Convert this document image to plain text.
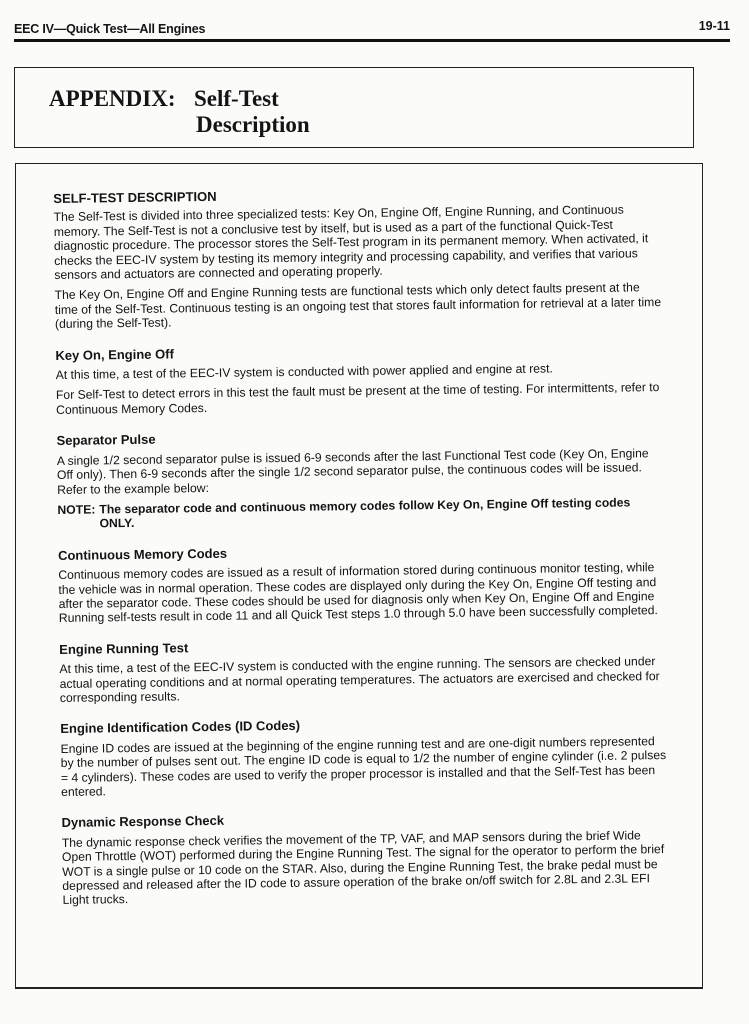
EEC IV—Quick Test—All Engines	19-11
APPENDIX: Self-Test
Description
SELF-TEST DESCRIPTION

The Self-Test is divided into three specialized tests: Key On, Engine Off, Engine Running, and Continuous memory. The Self-Test is not a conclusive test by itself, but is used as a part of the functional Quick-Test diagnostic procedure. The processor stores the Self-Test program in its permanent memory. When activated, it checks the EEC-IV system by testing its memory integrity and processing capability, and verifies that various sensors and actuators are connected and operating properly.

The Key On, Engine Off and Engine Running tests are functional tests which only detect faults present at the time of the Self-Test. Continuous testing is an ongoing test that stores fault information for retrieval at a later time (during the Self-Test).

Key On, Engine Off

At this time, a test of the EEC-IV system is conducted with power applied and engine at rest.

For Self-Test to detect errors in this test the fault must be present at the time of testing. For intermittents, refer to Continuous Memory Codes.

Separator Pulse

A single 1/2 second separator pulse is issued 6-9 seconds after the last Functional Test code (Key On, Engine Off only). Then 6-9 seconds after the single 1/2 second separator pulse, the continuous codes will be issued. Refer to the example below:

NOTE: The separator code and continuous memory codes follow Key On, Engine Off testing codes ONLY.
Continuous Memory Codes

Continuous memory codes are issued as a result of information stored during continuous monitor testing, while the vehicle was in normal operation. These codes are displayed only during the Key On, Engine Off testing and after the separator code. These codes should be used for diagnosis only when Key On, Engine Off and Engine Running self-tests result in code 11 and all Quick Test steps 1.0 through 5.0 have been successfully completed.

Engine Running Test

At this time, a test of the EEC-IV system is conducted with the engine running. The sensors are checked under actual operating conditions and at normal operating temperatures. The actuators are exercised and checked for corresponding results.

Engine Identification Codes (ID Codes)

Engine ID codes are issued at the beginning of the engine running test and are one-digit numbers represented by the number of pulses sent out. The engine ID code is equal to 1/2 the number of engine cylinder (i.e. 2 pulses = 4 cylinders). These codes are used to verify the proper processor is installed and that the Self-Test has been entered.

Dynamic Response Check

The dynamic response check verifies the movement of the TP, VAF, and MAP sensors during the brief Wide Open Throttle (WOT) performed during the Engine Running Test. The signal for the operator to perform the brief WOT is a single pulse or 10 code on the STAR. Also, during the Engine Running Test, the brake pedal must be depressed and released after the ID code to assure operation of the brake on/off switch for 2.8L and 2.3L EFI Light trucks.
